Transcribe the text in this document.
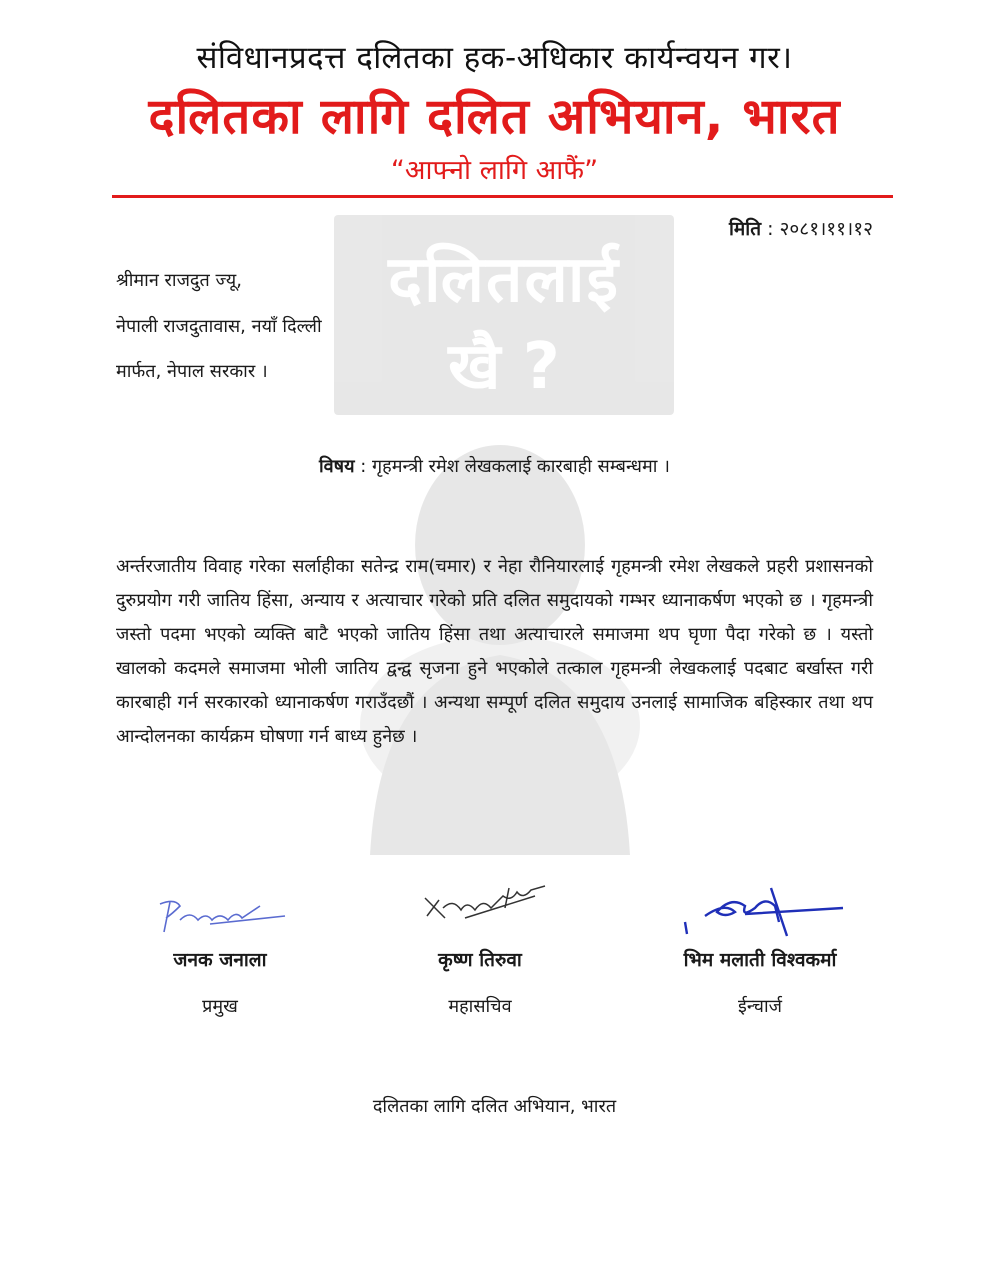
दलितलाई
खै ?
संविधानप्रदत्त दलितका हक-अधिकार कार्यन्वयन गर।
दलितका लागि दलित अभियान, भारत
“आफ्नो लागि आफैं”
मिति : २०८१।११।१२
श्रीमान राजदुत ज्यू,
नेपाली राजदुतावास, नयाँ दिल्ली
मार्फत, नेपाल सरकार ।
विषय : गृहमन्त्री रमेश लेखकलाई कारबाही सम्बन्धमा ।
अर्न्तरजातीय विवाह गरेका सर्लाहीका सतेन्द्र राम(चमार) र नेहा रौनियारलाई गृहमन्त्री रमेश लेखकले प्रहरी प्रशासनको दुरुप्रयोग गरी जातिय हिंसा, अन्याय र अत्याचार गरेको प्रति दलित समुदायको गम्भर ध्यानाकर्षण भएको छ । गृहमन्त्री जस्तो पदमा भएको व्यक्ति बाटै भएको जातिय हिंसा तथा अत्याचारले समाजमा थप घृणा पैदा गरेको छ । यस्तो खालको कदमले समाजमा भोली जातिय द्वन्द्व सृजना हुने भएकोले तत्काल गृहमन्त्री लेखकलाई पदबाट बर्खास्त गरी कारबाही गर्न सरकारको ध्यानाकर्षण गराउँदछौं । अन्यथा सम्पूर्ण दलित समुदाय उनलाई सामाजिक बहिस्कार तथा थप आन्दोलनका कार्यक्रम घोषणा गर्न बाध्य हुनेछ ।
जनक जनाला
प्रमुख
कृष्ण तिरुवा
महासचिव
भिम मलाती विश्वकर्मा
ईन्चार्ज
दलितका लागि दलित अभियान, भारत
